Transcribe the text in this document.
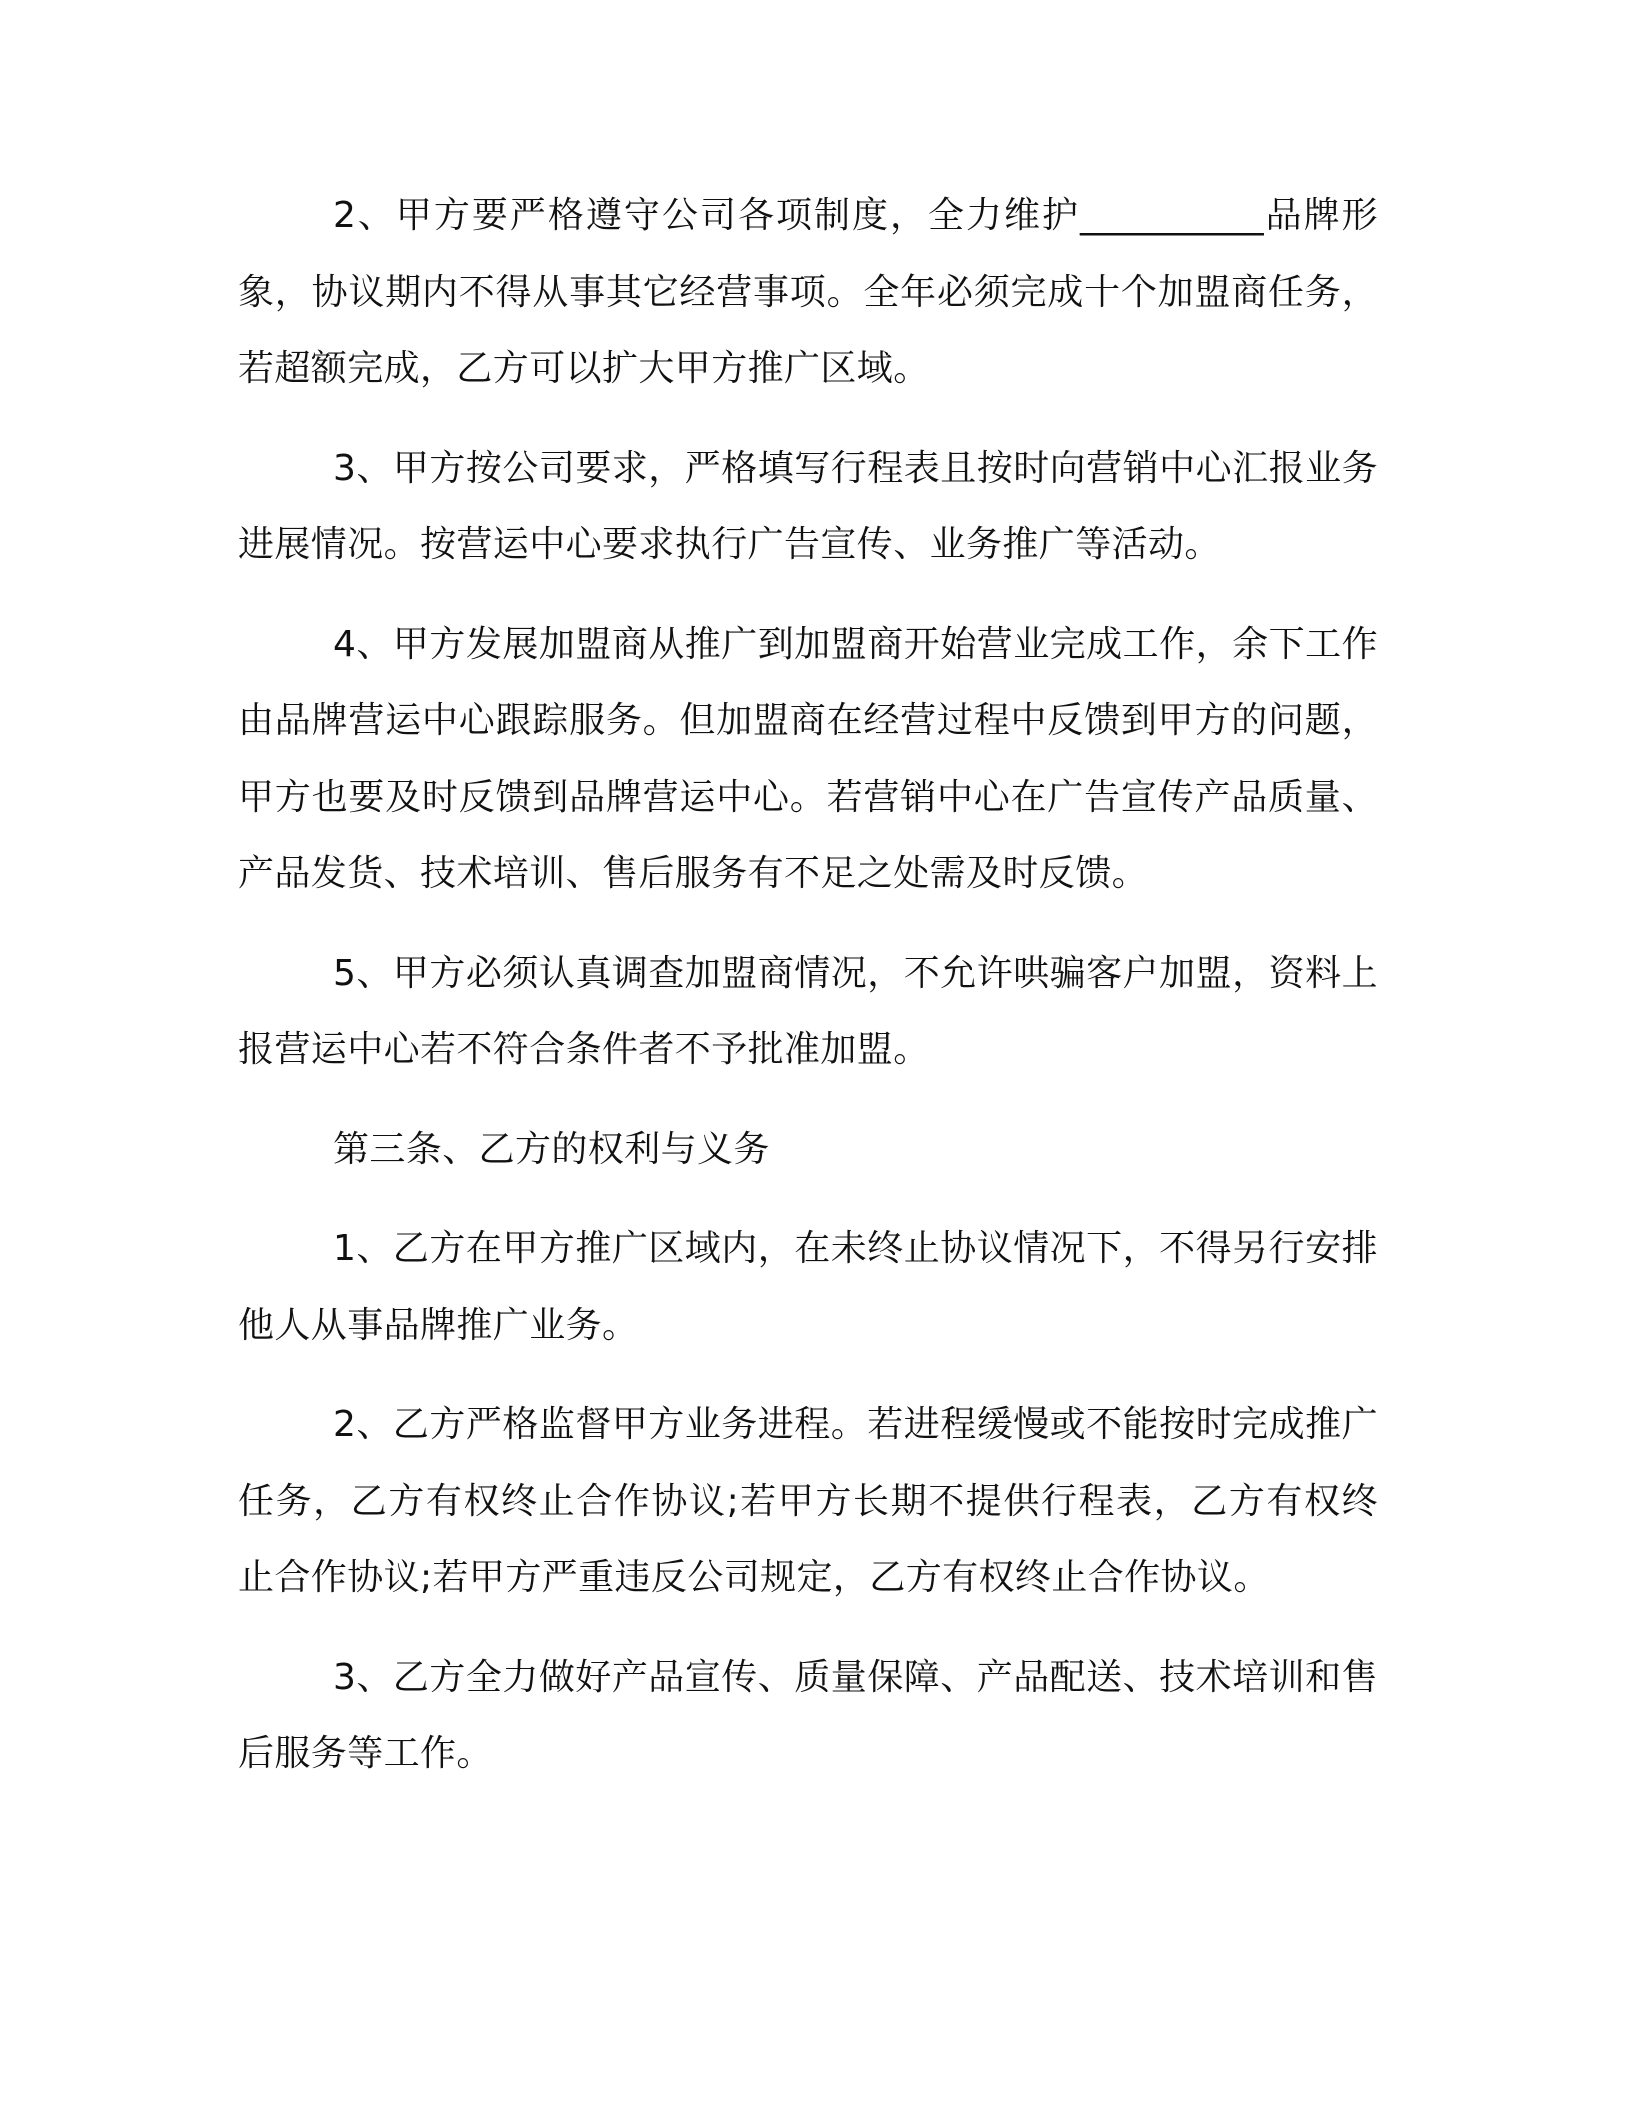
2、甲方要严格遵守公司各项制度，全力维护__________品牌形象，协议期内不得从事其它经营事项。全年必须完成十个加盟商任务，若超额完成，乙方可以扩大甲方推广区域。

3、甲方按公司要求，严格填写行程表且按时向营销中心汇报业务进展情况。按营运中心要求执行广告宣传、业务推广等活动。

4、甲方发展加盟商从推广到加盟商开始营业完成工作，余下工作由品牌营运中心跟踪服务。但加盟商在经营过程中反馈到甲方的问题，甲方也要及时反馈到品牌营运中心。若营销中心在广告宣传产品质量、产品发货、技术培训、售后服务有不足之处需及时反馈。

5、甲方必须认真调查加盟商情况，不允许哄骗客户加盟，资料上报营运中心若不符合条件者不予批准加盟。

第三条、乙方的权利与义务

1、乙方在甲方推广区域内，在未终止协议情况下，不得另行安排他人从事品牌推广业务。

2、乙方严格监督甲方业务进程。若进程缓慢或不能按时完成推广任务，乙方有权终止合作协议;若甲方长期不提供行程表，乙方有权终止合作协议;若甲方严重违反公司规定，乙方有权终止合作协议。

3、乙方全力做好产品宣传、质量保障、产品配送、技术培训和售后服务等工作。
